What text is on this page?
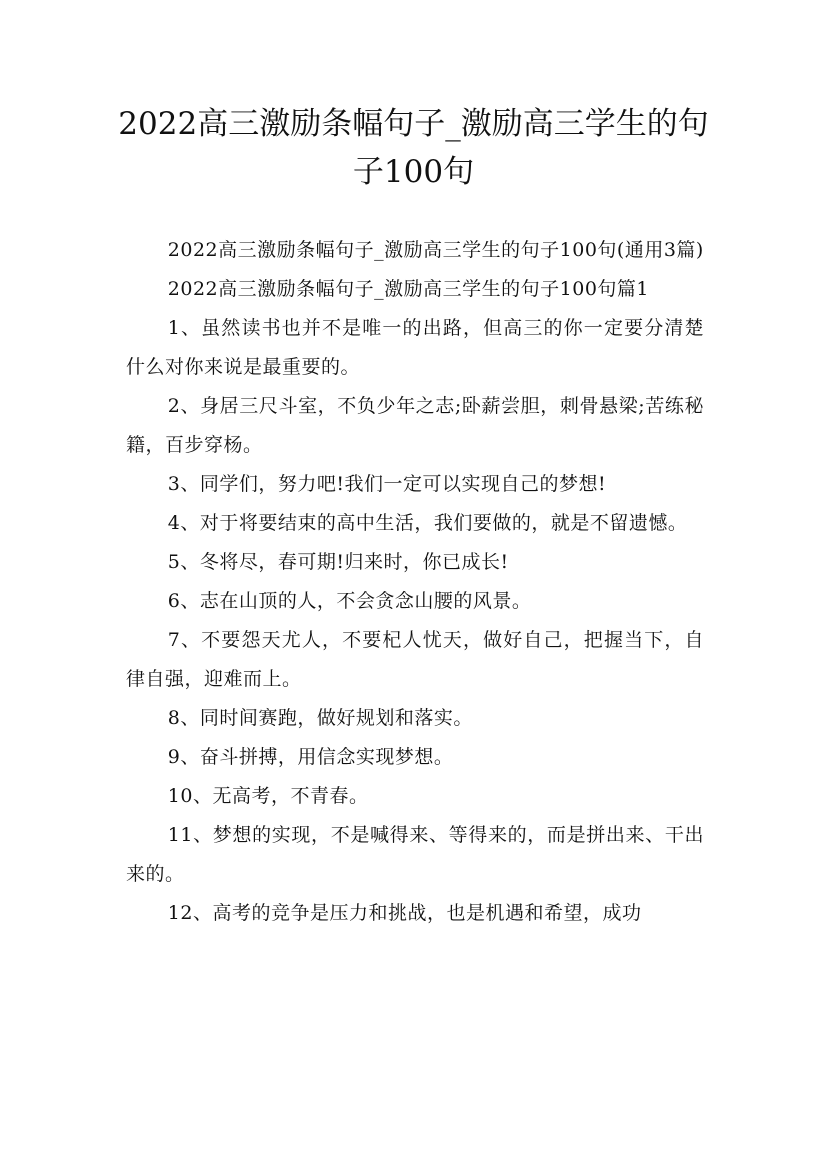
2022高三激励条幅句子_激励高三学生的句子100句

2022高三激励条幅句子_激励高三学生的句子100句(通用3篇)

2022高三激励条幅句子_激励高三学生的句子100句篇1

1、虽然读书也并不是唯一的出路，但高三的你一定要分清楚什么对你来说是最重要的。

2、身居三尺斗室，不负少年之志;卧薪尝胆，刺骨悬梁;苦练秘籍，百步穿杨。

3、同学们，努力吧!我们一定可以实现自己的梦想!

4、对于将要结束的高中生活，我们要做的，就是不留遗憾。

5、冬将尽，春可期!归来时，你已成长!

6、志在山顶的人，不会贪念山腰的风景。

7、不要怨天尤人，不要杞人忧天，做好自己，把握当下，自律自强，迎难而上。

8、同时间赛跑，做好规划和落实。

9、奋斗拼搏，用信念实现梦想。

10、无高考，不青春。

11、梦想的实现，不是喊得来、等得来的，而是拼出来、干出来的。

12、高考的竞争是压力和挑战，也是机遇和希望，成功
